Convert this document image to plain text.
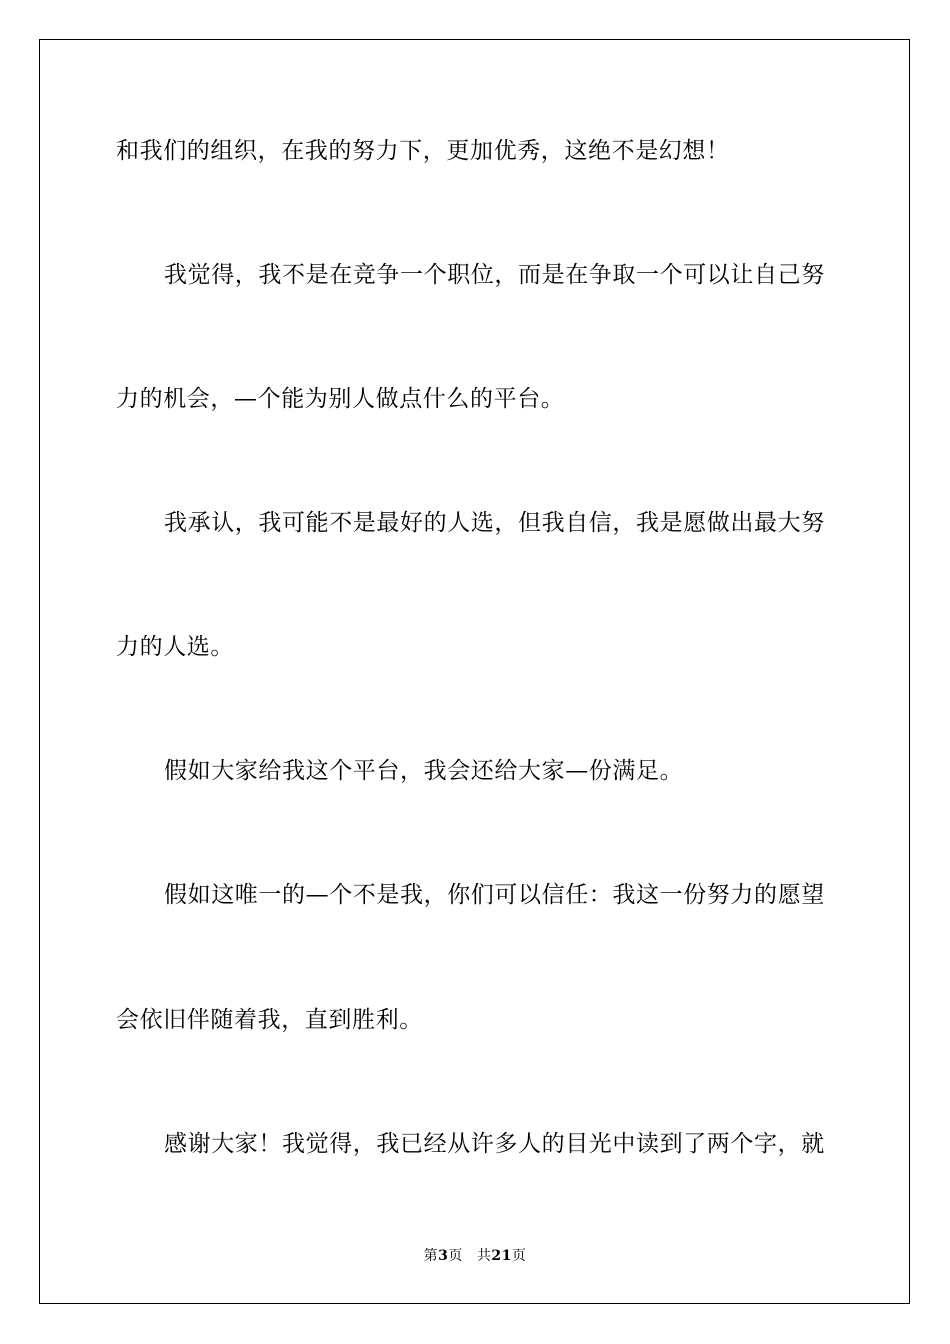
和我们的组织，在我的努力下，更加优秀，这绝不是幻想！
我觉得，我不是在竞争一个职位，而是在争取一个可以让自己努
力的机会，—个能为别人做点什么的平台。
我承认，我可能不是最好的人选，但我自信，我是愿做出最大努
力的人选。
假如大家给我这个平台，我会还给大家—份满足。
假如这唯一的—个不是我，你们可以信任：我这一份努力的愿望
会依旧伴随着我，直到胜利。
感谢大家！我觉得，我已经从许多人的目光中读到了两个字，就
第3页 共21页
